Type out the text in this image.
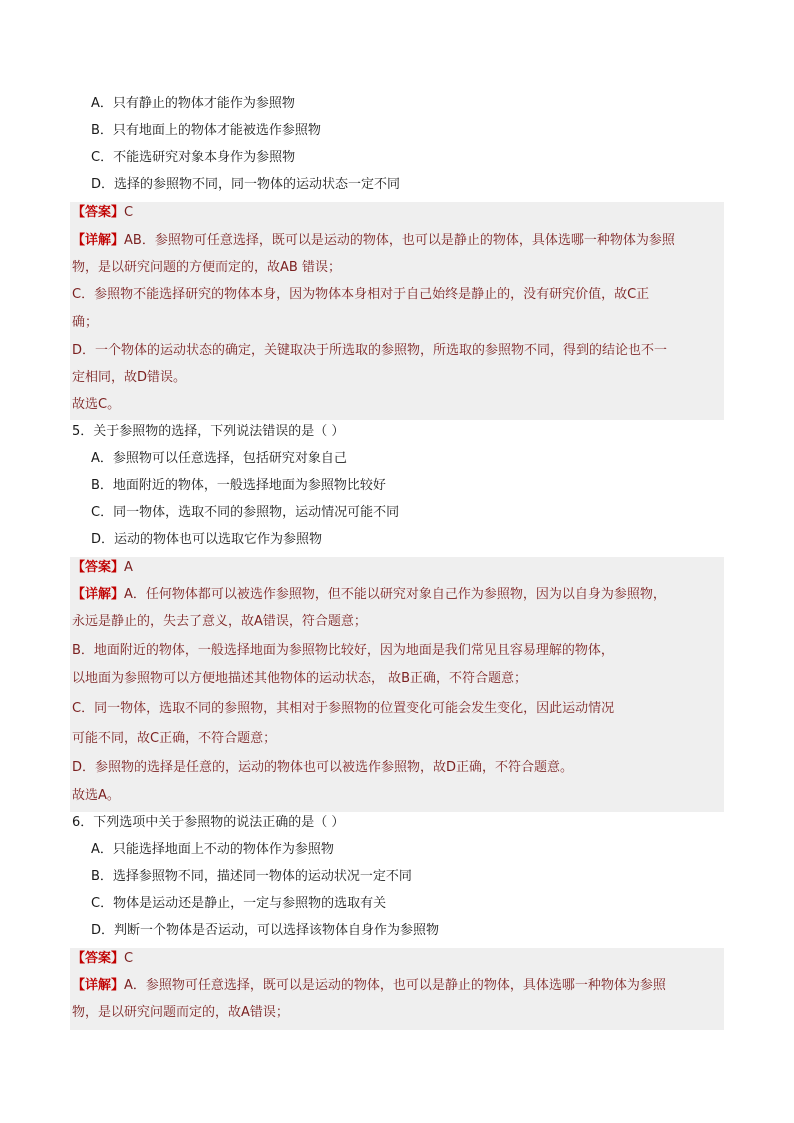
A．只有静止的物体才能作为参照物
B．只有地面上的物体才能被选作参照物
C．不能选研究对象本身作为参照物
D．选择的参照物不同，同一物体的运动状态一定不同
【答案】C
【详解】AB．参照物可任意选择，既可以是运动的物体，也可以是静止的物体，具体选哪一种物体为参照
物，是以研究问题的方便而定的，故AB 错误；
C．参照物不能选择研究的物体本身，因为物体本身相对于自己始终是静止的，没有研究价值，故C正
确；
D．一个物体的运动状态的确定，关键取决于所选取的参照物，所选取的参照物不同，得到的结论也不一
定相同，故D错误。
故选C。
5．关于参照物的选择，下列说法错误的是（ ）
A．参照物可以任意选择，包括研究对象自己
B．地面附近的物体，一般选择地面为参照物比较好
C．同一物体，选取不同的参照物，运动情况可能不同
D．运动的物体也可以选取它作为参照物
【答案】A
【详解】A．任何物体都可以被选作参照物，但不能以研究对象自己作为参照物，因为以自身为参照物，
永远是静止的，失去了意义，故A错误，符合题意；
B．地面附近的物体，一般选择地面为参照物比较好，因为地面是我们常见且容易理解的物体，
以地面为参照物可以方便地描述其他物体的运动状态， 故B正确，不符合题意；
C．同一物体，选取不同的参照物，其相对于参照物的位置变化可能会发生变化，因此运动情况
可能不同，故C正确，不符合题意；
D．参照物的选择是任意的，运动的物体也可以被选作参照物，故D正确，不符合题意。
故选A。
6．下列选项中关于参照物的说法正确的是（ ）
A．只能选择地面上不动的物体作为参照物
B．选择参照物不同，描述同一物体的运动状况一定不同
C．物体是运动还是静止，一定与参照物的选取有关
D．判断一个物体是否运动，可以选择该物体自身作为参照物
【答案】C
【详解】A．参照物可任意选择，既可以是运动的物体，也可以是静止的物体，具体选哪一种物体为参照
物，是以研究问题而定的，故A错误；
